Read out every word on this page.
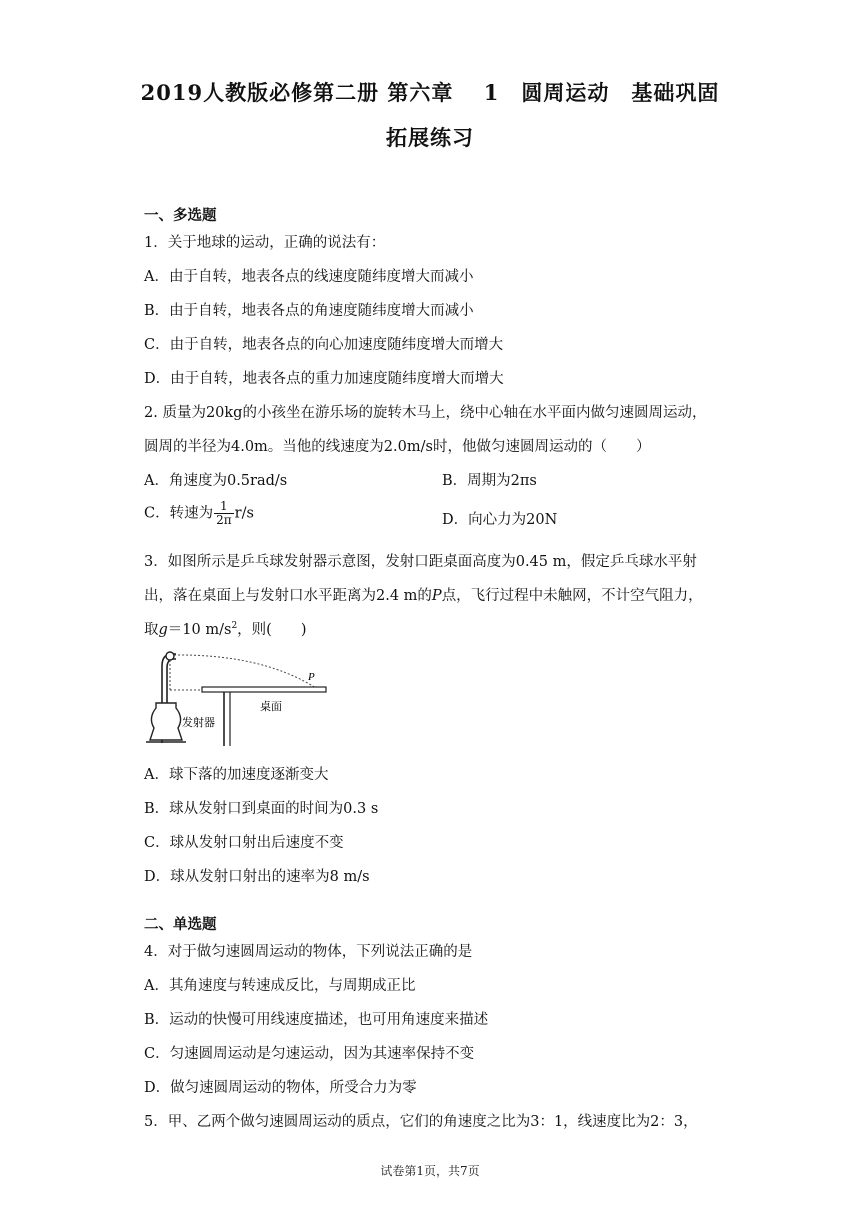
2019人教版必修第二册 第六章　 1　圆周运动　基础巩固
拓展练习
一、多选题
1．关于地球的运动，正确的说法有：
A．由于自转，地表各点的线速度随纬度增大而减小
B．由于自转，地表各点的角速度随纬度增大而减小
C．由于自转，地表各点的向心加速度随纬度增大而增大
D．由于自转，地表各点的重力加速度随纬度增大而增大
2. 质量为20kg的小孩坐在游乐场的旋转木马上，绕中心轴在水平面内做匀速圆周运动，
圆周的半径为4.0m。当他的线速度为2.0m/s时，他做匀速圆周运动的（　　）
A．角速度为0.5rad/s	B．周期为2πs
C．转速为 $\frac{1}{2\pi} r/s$	D．向心力为20N
3．如图所示是乒乓球发射器示意图，发射口距桌面高度为0.45 m，假定乒乓球水平射
出，落在桌面上与发射口水平距离为2.4 m的P点，飞行过程中未触网，不计空气阻力，
取g＝10 $m/s^2$，则(　　)
P
桌面
发射器
A．球下落的加速度逐渐变大
B．球从发射口到桌面的时间为0.3 s
C．球从发射口射出后速度不变
D．球从发射口射出的速率为8 m/s
二、单选题
4．对于做匀速圆周运动的物体，下列说法正确的是
A．其角速度与转速成反比，与周期成正比
B．运动的快慢可用线速度描述，也可用角速度来描述
C．匀速圆周运动是匀速运动，因为其速率保持不变
D．做匀速圆周运动的物体，所受合力为零
5．甲、乙两个做匀速圆周运动的质点，它们的角速度之比为3：1，线速度比为2：3，
试卷第1页，共7页
